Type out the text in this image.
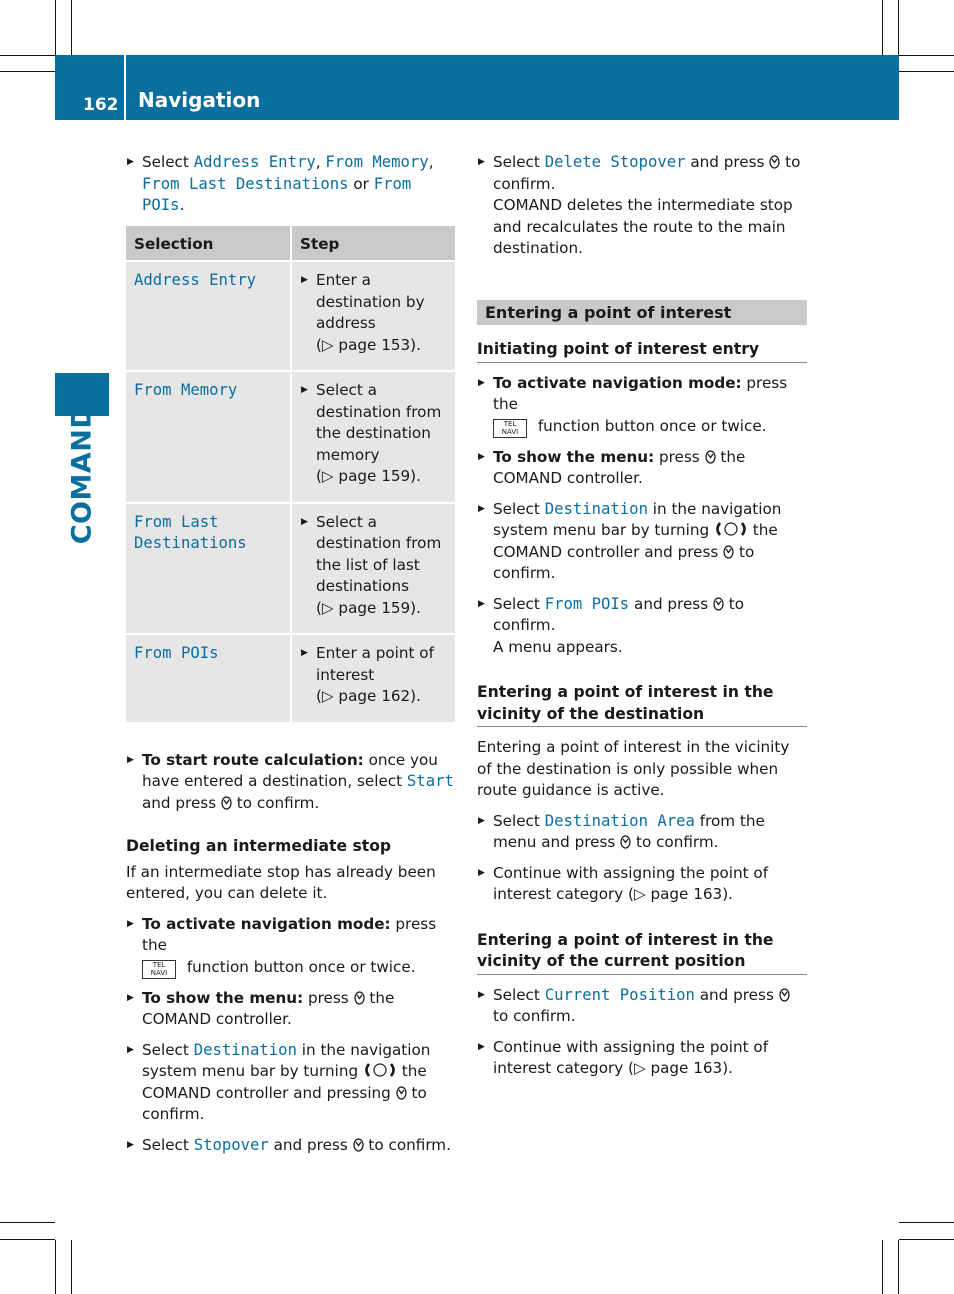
162 Navigation
COMAND
▶ Select Address Entry, From Memory, From Last Destinations or From POIs.
Selection	Step
Address Entry	▶ Enter a destination by address
(▷ page 153).

From Memory	▶ Select a destination from the destination memory
(▷ page 159).

From Last Destinations	▶ Select a destination from the list of last destinations
(▷ page 159).

From POIs	▶ Enter a point of interest
(▷ page 162).
▶ To start route calculation: once you have entered a destination, select Start and press  to confirm.
Deleting an intermediate stop

If an intermediate stop has already been entered, you can delete it.

▶ To activate navigation mode: press the
TEL
NAVI function button once or twice.
▶ To show the menu: press  the COMAND controller.
▶ Select Destination in the navigation system menu bar by turning  the COMAND controller and pressing  to confirm.
▶ Select Stopover and press  to confirm.
▶ Select Delete Stopover and press  to confirm.
COMAND deletes the intermediate stop and recalculates the route to the main destination.
Entering a point of interest
Initiating point of interest entry
▶ To activate navigation mode: press the
TEL
NAVI function button once or twice.
▶ To show the menu: press  the COMAND controller.
▶ Select Destination in the navigation system menu bar by turning  the COMAND controller and press  to confirm.
▶ Select From POIs and press  to confirm.
A menu appears.
Entering a point of interest in the vicinity of the destination

Entering a point of interest in the vicinity of the destination is only possible when route guidance is active.

▶ Select Destination Area from the menu and press  to confirm.
▶ Continue with assigning the point of interest category (▷ page 163).
Entering a point of interest in the vicinity of the current position
▶ Select Current Position and press  to confirm.
▶ Continue with assigning the point of interest category (▷ page 163).
